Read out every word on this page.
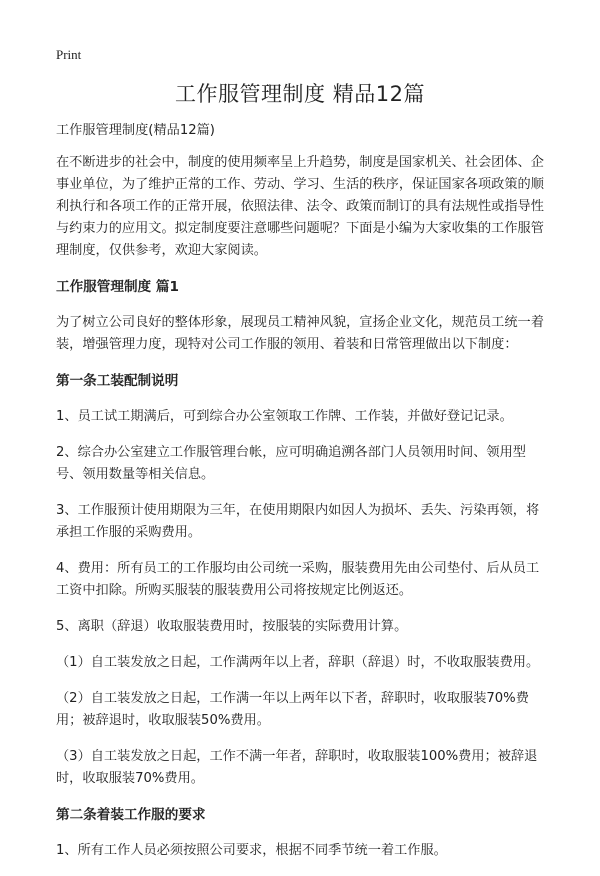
Print
工作服管理制度 精品12篇

工作服管理制度(精品12篇)

在不断进步的社会中，制度的使用频率呈上升趋势，制度是国家机关、社会团体、企事业单位，为了维护正常的工作、劳动、学习、生活的秩序，保证国家各项政策的顺利执行和各项工作的正常开展，依照法律、法令、政策而制订的具有法规性或指导性与约束力的应用文。拟定制度要注意哪些问题呢？下面是小编为大家收集的工作服管理制度，仅供参考，欢迎大家阅读。

工作服管理制度 篇1

为了树立公司良好的整体形象，展现员工精神风貌，宣扬企业文化，规范员工统一着装，增强管理力度，现特对公司工作服的领用、着装和日常管理做出以下制度：

第一条工装配制说明

1、员工试工期满后，可到综合办公室领取工作牌、工作装，并做好登记记录。

2、综合办公室建立工作服管理台帐，应可明确追溯各部门人员领用时间、领用型号、领用数量等相关信息。

3、工作服预计使用期限为三年，在使用期限内如因人为损坏、丢失、污染再领，将承担工作服的采购费用。

4、费用：所有员工的工作服均由公司统一采购，服装费用先由公司垫付、后从员工工资中扣除。所购买服装的服装费用公司将按规定比例返还。

5、离职（辞退）收取服装费用时，按服装的实际费用计算。

（1）自工装发放之日起，工作满两年以上者，辞职（辞退）时，不收取服装费用。

（2）自工装发放之日起，工作满一年以上两年以下者，辞职时，收取服装70%费用；被辞退时，收取服装50%费用。

（3）自工装发放之日起，工作不满一年者，辞职时，收取服装100%费用；被辞退时，收取服装70%费用。

第二条着装工作服的要求

1、所有工作人员必须按照公司要求，根据不同季节统一着工作服。
